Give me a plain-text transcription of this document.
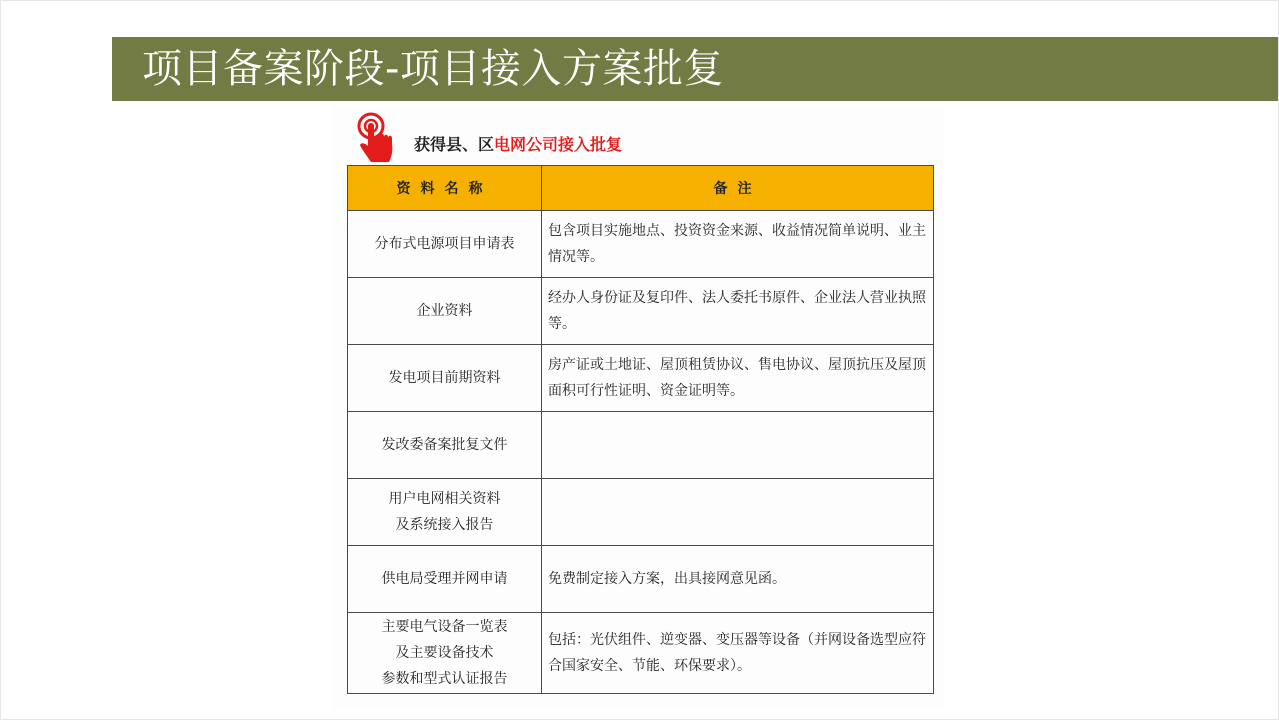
项目备案阶段-项目接入方案批复
获得县、区电网公司接入批复
资料名称	备注

分布式电源项目申请表	包含项目实施地点、投资资金来源、收益情况简单说明、业主情况等。

企业资料	经办人身份证及复印件、法人委托书原件、企业法人营业执照等。

发电项目前期资料	房产证或土地证、屋顶租赁协议、售电协议、屋顶抗压及屋顶面积可行性证明、资金证明等。

发改委备案批复文件	

用户电网相关资料
及系统接入报告	

供电局受理并网申请	免费制定接入方案，出具接网意见函。

主要电气设备一览表
及主要设备技术
参数和型式认证报告	包括：光伏组件、逆变器、变压器等设备（并网设备选型应符合国家安全、节能、环保要求）。
